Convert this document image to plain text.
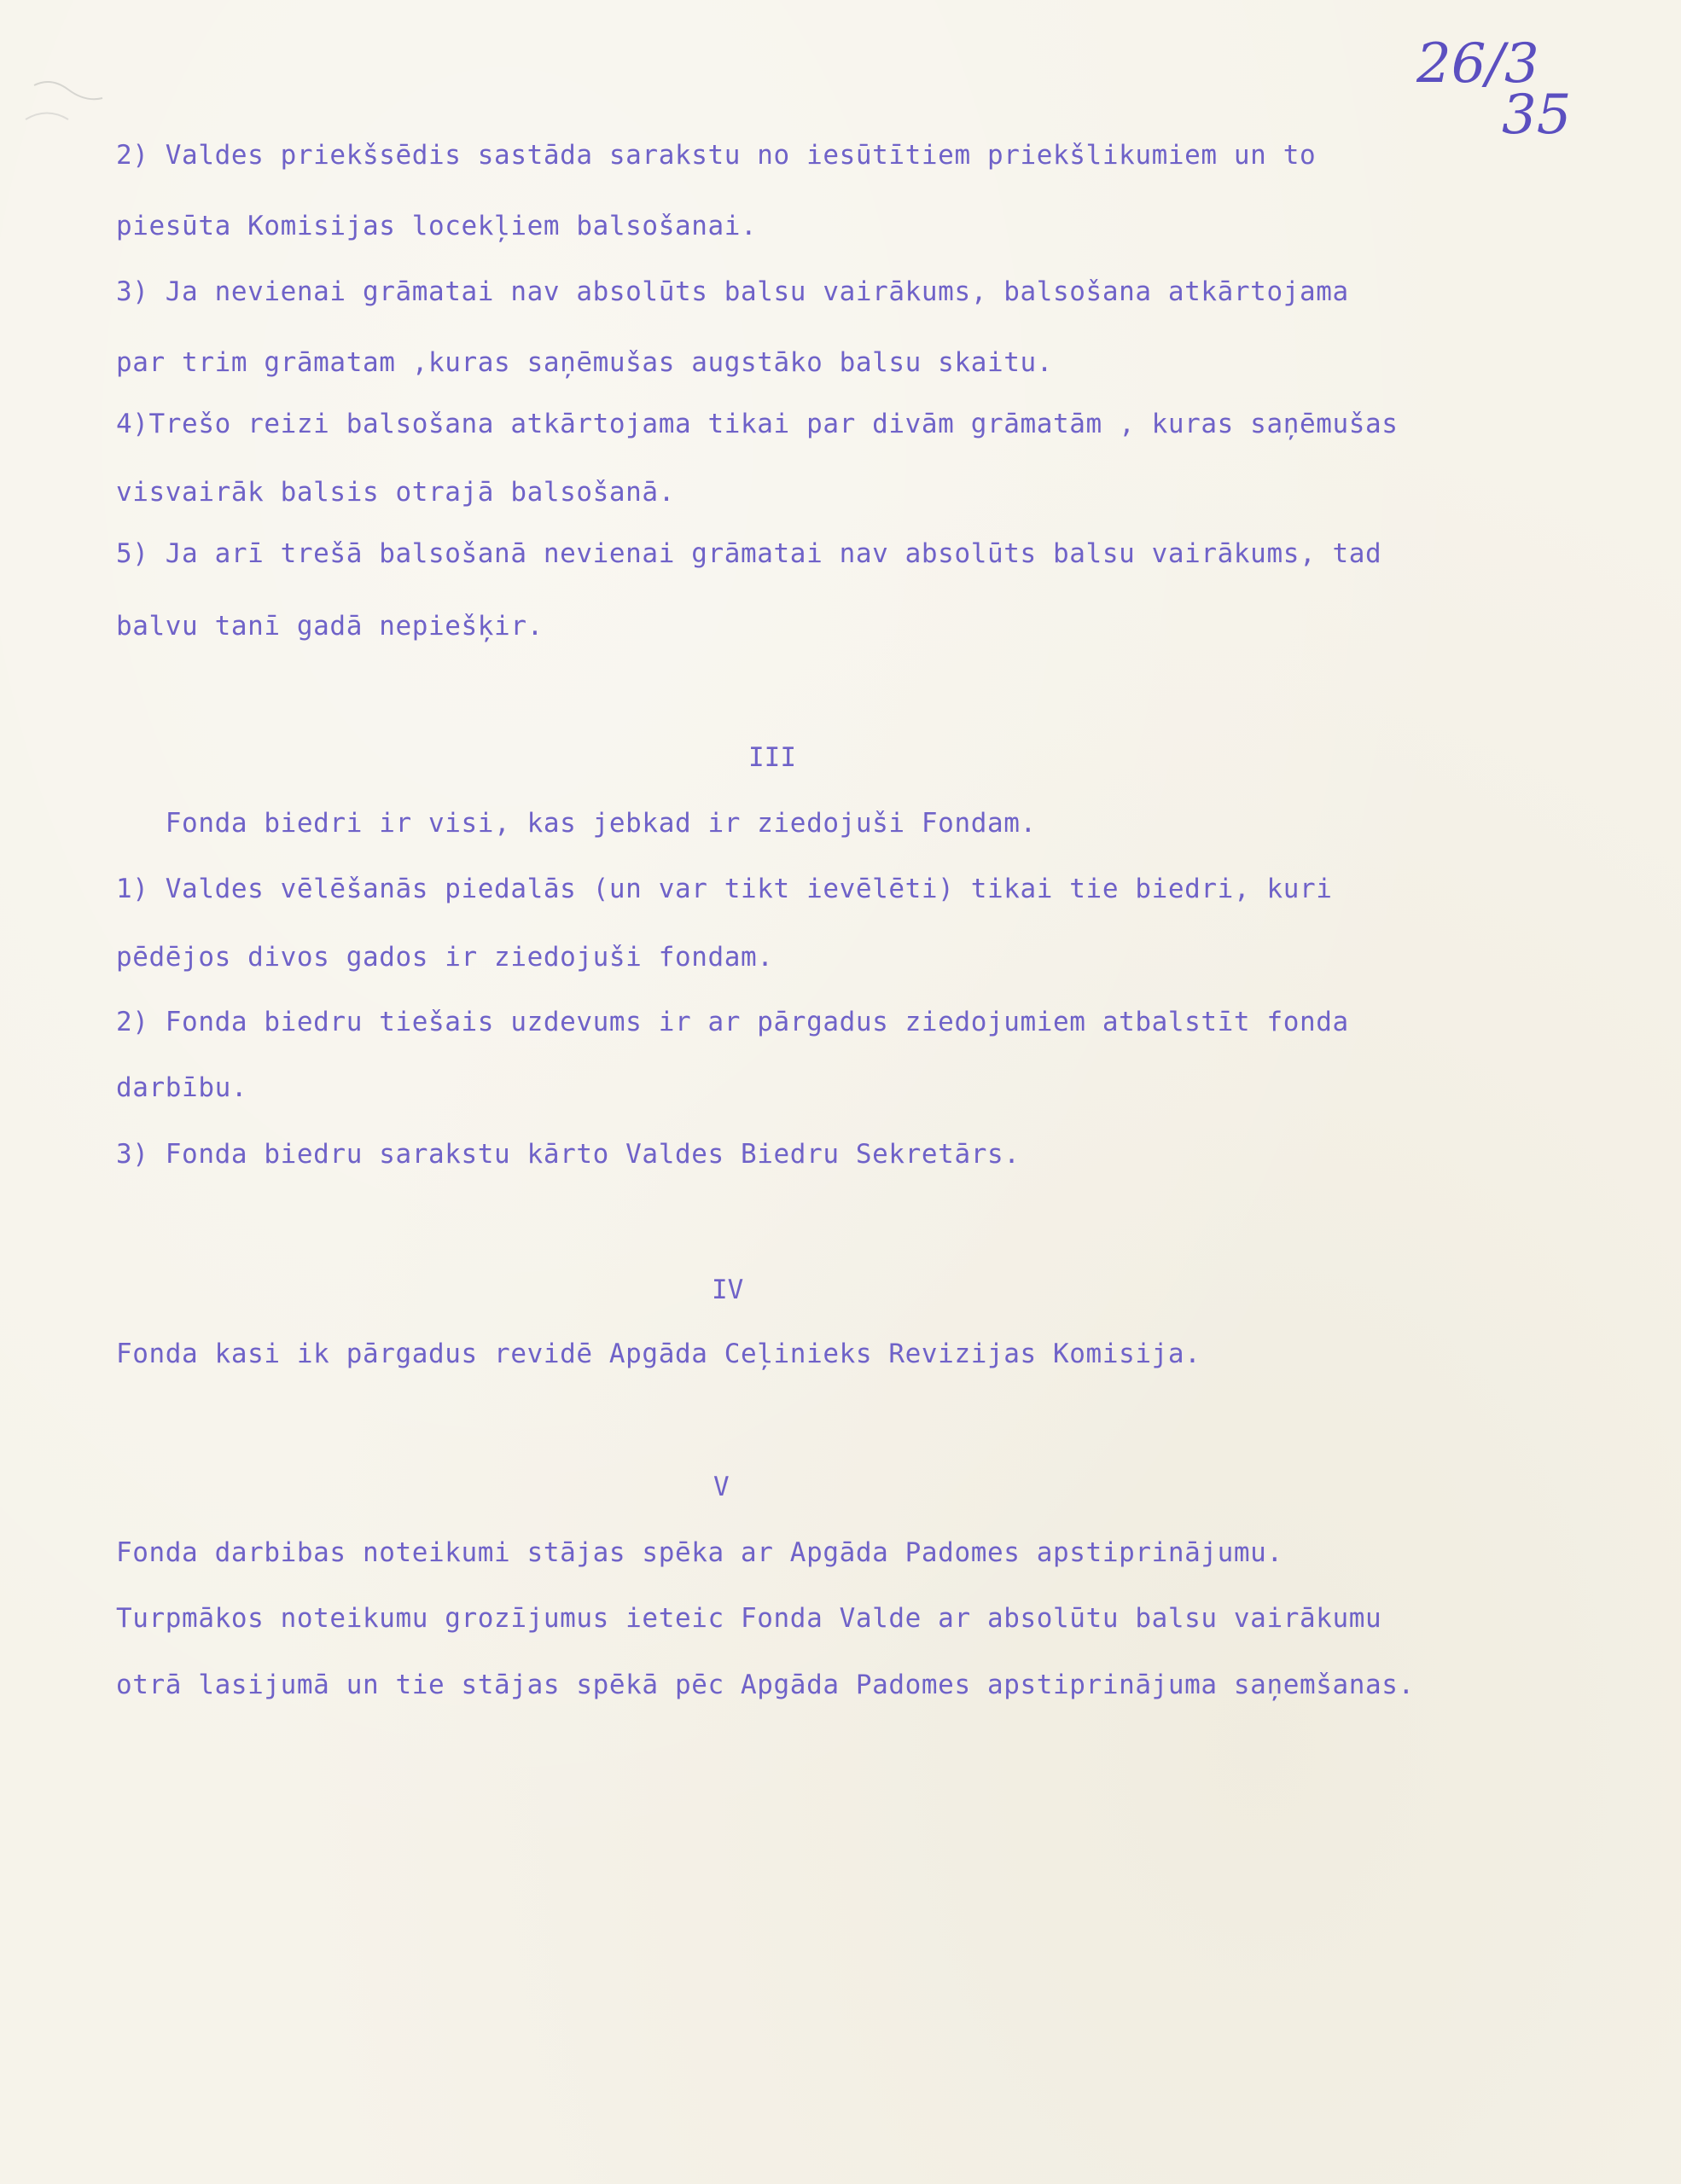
26/3
35
2) Valdes priekšsēdis sastāda sarakstu no iesūtītiem priekšlikumiem un to
piesūta Komisijas locekļiem balsošanai.
3) Ja nevienai grāmatai nav absolūts balsu vairākums, balsošana atkārtojama
par trim grāmatam ,kuras saņēmušas augstāko balsu skaitu.
4)Trešo reizi balsošana atkārtojama tikai par divām grāmatām , kuras saņēmušas
visvairāk balsis otrajā balsošanā.
5) Ja arī trešā balsošanā nevienai grāmatai nav absolūts balsu vairākums, tad
balvu tanī gadā nepiešķir.
III
Fonda biedri ir visi, kas jebkad ir ziedojuši Fondam.
1) Valdes vēlēšanās piedalās (un var tikt ievēlēti) tikai tie biedri, kuri
pēdējos divos gados ir ziedojuši fondam.
2) Fonda biedru tiešais uzdevums ir ar pārgadus ziedojumiem atbalstīt fonda
darbību.
3) Fonda biedru sarakstu kārto Valdes Biedru Sekretārs.
IV
Fonda kasi ik pārgadus revidē Apgāda Ceļinieks Revizijas Komisija.
V
Fonda darbibas noteikumi stājas spēka ar Apgāda Padomes apstiprinājumu.
Turpmākos noteikumu grozījumus ieteic Fonda Valde ar absolūtu balsu vairākumu
otrā lasijumā un tie stājas spēkā pēc Apgāda Padomes apstiprinājuma saņemšanas.
